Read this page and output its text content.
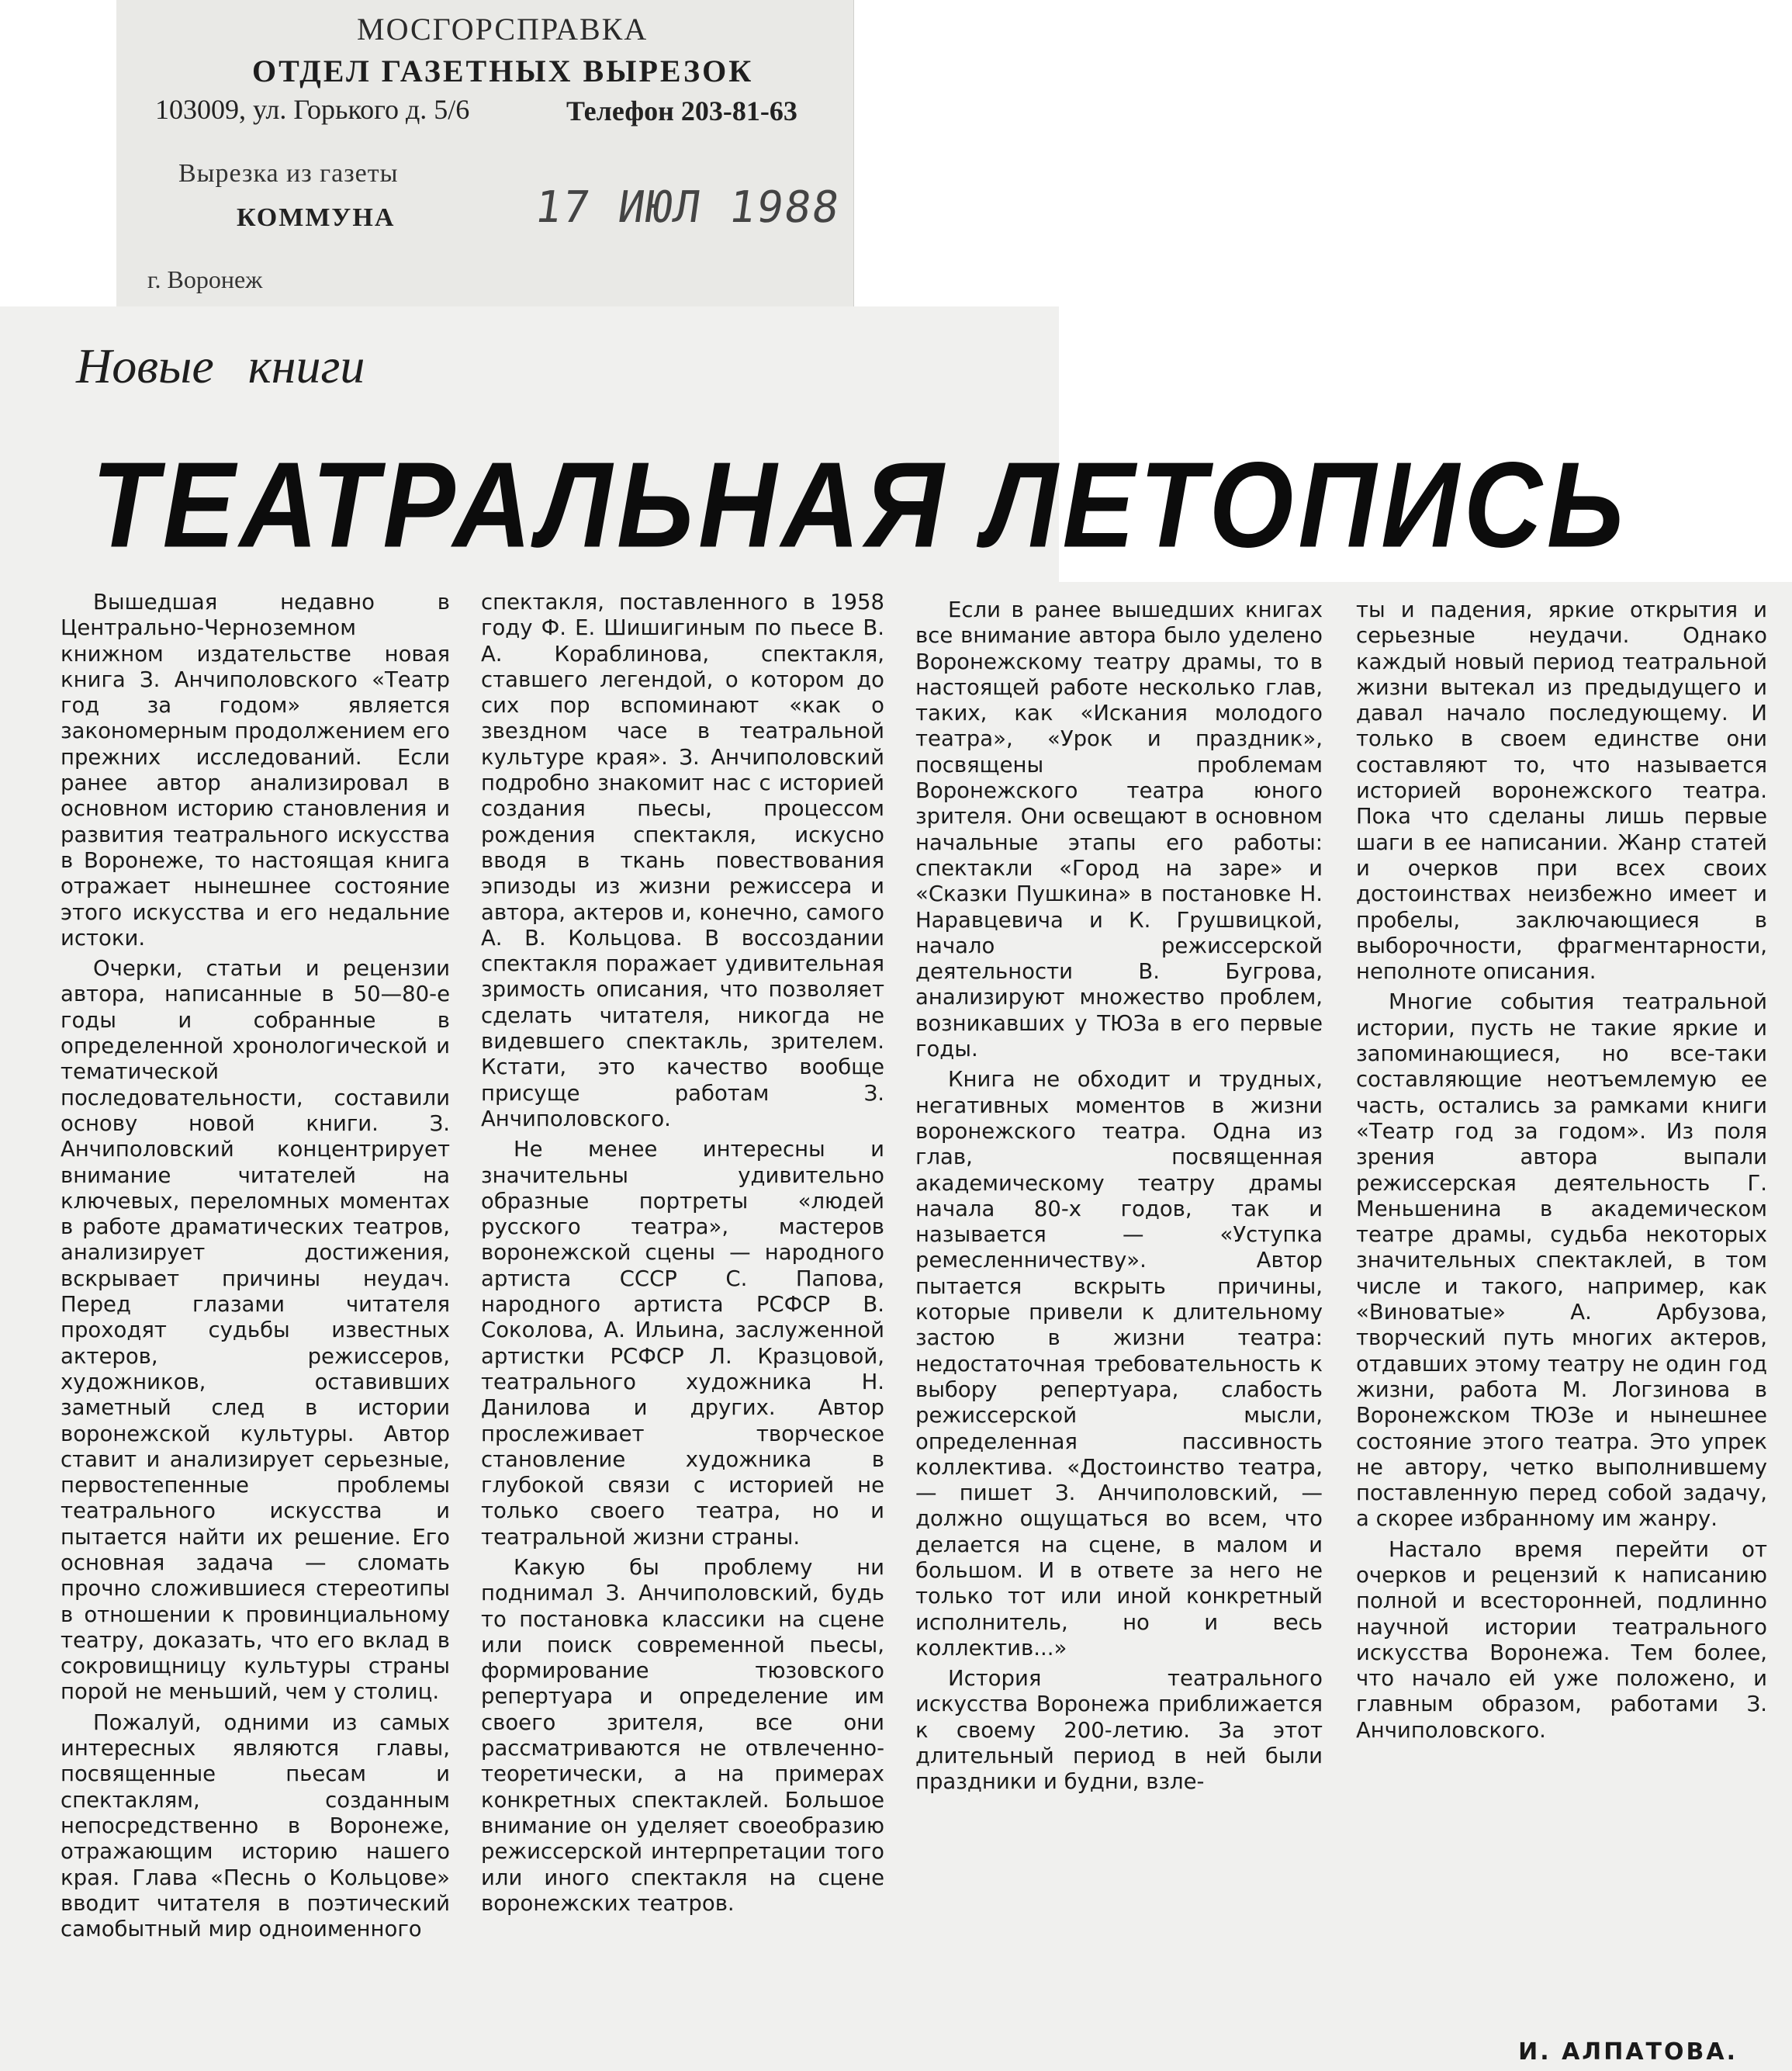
МОСГОРСПРАВКА
ОТДЕЛ ГАЗЕТНЫХ ВЫРЕЗОК
103009, ул. Горького д. 5/6	Телефон 203-81-63
Вырезка из газеты
КОММУНА	17 ИЮЛ 1988
г. Воронеж
Новые книги
ТЕАТРАЛЬНАЯ ЛЕТОПИСЬ

Вышедшая недавно в Центрально-Черноземном книжном издательстве новая книга З. Анчиполовского «Театр год за годом» является закономерным продолжением его прежних исследований. Если ранее автор анализировал в основном историю становления и развития театрального искусства в Воронеже, то настоящая книга отражает нынешнее состояние этого искусства и его недальние истоки.

Очерки, статьи и рецензии автора, написанные в 50—80-е годы и собранные в определенной хронологической и тематической последовательности, составили основу новой книги. З. Анчиполовский концентрирует внимание читателей на ключевых, переломных моментах в работе драматических театров, анализирует достижения, вскрывает причины неудач. Перед глазами читателя проходят судьбы известных актеров, режиссеров, художников, оставивших заметный след в истории воронежской культуры. Автор ставит и анализирует серьезные, первостепенные проблемы театрального искусства и пытается найти их решение. Его основная задача — сломать прочно сложившиеся стереотипы в отношении к провинциальному театру, доказать, что его вклад в сокровищницу культуры страны порой не меньший, чем у столиц.

Пожалуй, одними из самых интересных являются главы, посвященные пьесам и спектаклям, созданным непосредственно в Воронеже, отражающим историю нашего края. Глава «Песнь о Кольцове» вводит читателя в поэтический самобытный мир одноименного

спектакля, поставленного в 1958 году Ф. Е. Шишигиным по пьесе В. А. Кораблинова, спектакля, ставшего легендой, о котором до сих пор вспоминают «как о звездном часе в театральной культуре края». З. Анчиполовский подробно знакомит нас с историей создания пьесы, процессом рождения спектакля, искусно вводя в ткань повествования эпизоды из жизни режиссера и автора, актеров и, конечно, самого А. В. Кольцова. В воссоздании спектакля поражает удивительная зримость описания, что позволяет сделать читателя, никогда не видевшего спектакль, зрителем. Кстати, это качество вообще присуще работам З. Анчиполовского.

Не менее интересны и значительны удивительно образные портреты «людей русского театра», мастеров воронежской сцены — народного артиста СССР С. Папова, народного артиста РСФСР В. Соколова, А. Ильина, заслуженной артистки РСФСР Л. Кразцовой, театрального художника Н. Данилова и других. Автор прослеживает творческое становление художника в глубокой связи с историей не только своего театра, но и театральной жизни страны.

Какую бы проблему ни поднимал З. Анчиполовский, будь то постановка классики на сцене или поиск современной пьесы, формирование тюзовского репертуара и определение им своего зрителя, все они рассматриваются не отвлеченно-теоретически, а на примерах конкретных спектаклей. Большое внимание он уделяет своеобразию режиссерской интерпретации того или иного спектакля на сцене воронежских театров.

Если в ранее вышедших книгах все внимание автора было уделено Воронежскому театру драмы, то в настоящей работе несколько глав, таких, как «Искания молодого театра», «Урок и праздник», посвящены проблемам Воронежского театра юного зрителя. Они освещают в основном начальные этапы его работы: спектакли «Город на заре» и «Сказки Пушкина» в постановке Н. Наравцевича и К. Грушвицкой, начало режиссерской деятельности В. Бугрова, анализируют множество проблем, возникавших у ТЮЗа в его первые годы.

Книга не обходит и трудных, негативных моментов в жизни воронежского театра. Одна из глав, посвященная академическому театру драмы начала 80-х годов, так и называется — «Уступка ремесленничеству». Автор пытается вскрыть причины, которые привели к длительному застою в жизни театра: недостаточная требовательность к выбору репертуара, слабость режиссерской мысли, определенная пассивность коллектива. «Достоинство театра, — пишет З. Анчиполовский, — должно ощущаться во всем, что делается на сцене, в малом и большом. И в ответе за него не только тот или иной конкретный исполнитель, но и весь коллектив...»

История театрального искусства Воронежа приближается к своему 200-летию. За этот длительный период в ней были праздники и будни, взле-

ты и падения, яркие открытия и серьезные неудачи. Однако каждый новый период театральной жизни вытекал из предыдущего и давал начало последующему. И только в своем единстве они составляют то, что называется историей воронежского театра. Пока что сделаны лишь первые шаги в ее написании. Жанр статей и очерков при всех своих достоинствах неизбежно имеет и пробелы, заключающиеся в выборочности, фрагментарности, неполноте описания.

Многие события театральной истории, пусть не такие яркие и запоминающиеся, но все-таки составляющие неотъемлемую ее часть, остались за рамками книги «Театр год за годом». Из поля зрения автора выпали режиссерская деятельность Г. Меньшенина в академическом театре драмы, судьба некоторых значительных спектаклей, в том числе и такого, например, как «Виноватые» А. Арбузова, творческий путь многих актеров, отдавших этому театру не один год жизни, работа М. Логзинова в Воронежском ТЮЗе и нынешнее состояние этого театра. Это упрек не автору, четко выполнившему поставленную перед собой задачу, а скорее избранному им жанру.

Настало время перейти от очерков и рецензий к написанию полной и всесторонней, подлинно научной истории театрального искусства Воронежа. Тем более, что начало ей уже положено, и главным образом, работами З. Анчиполовского.

И. АЛПАТОВА.
